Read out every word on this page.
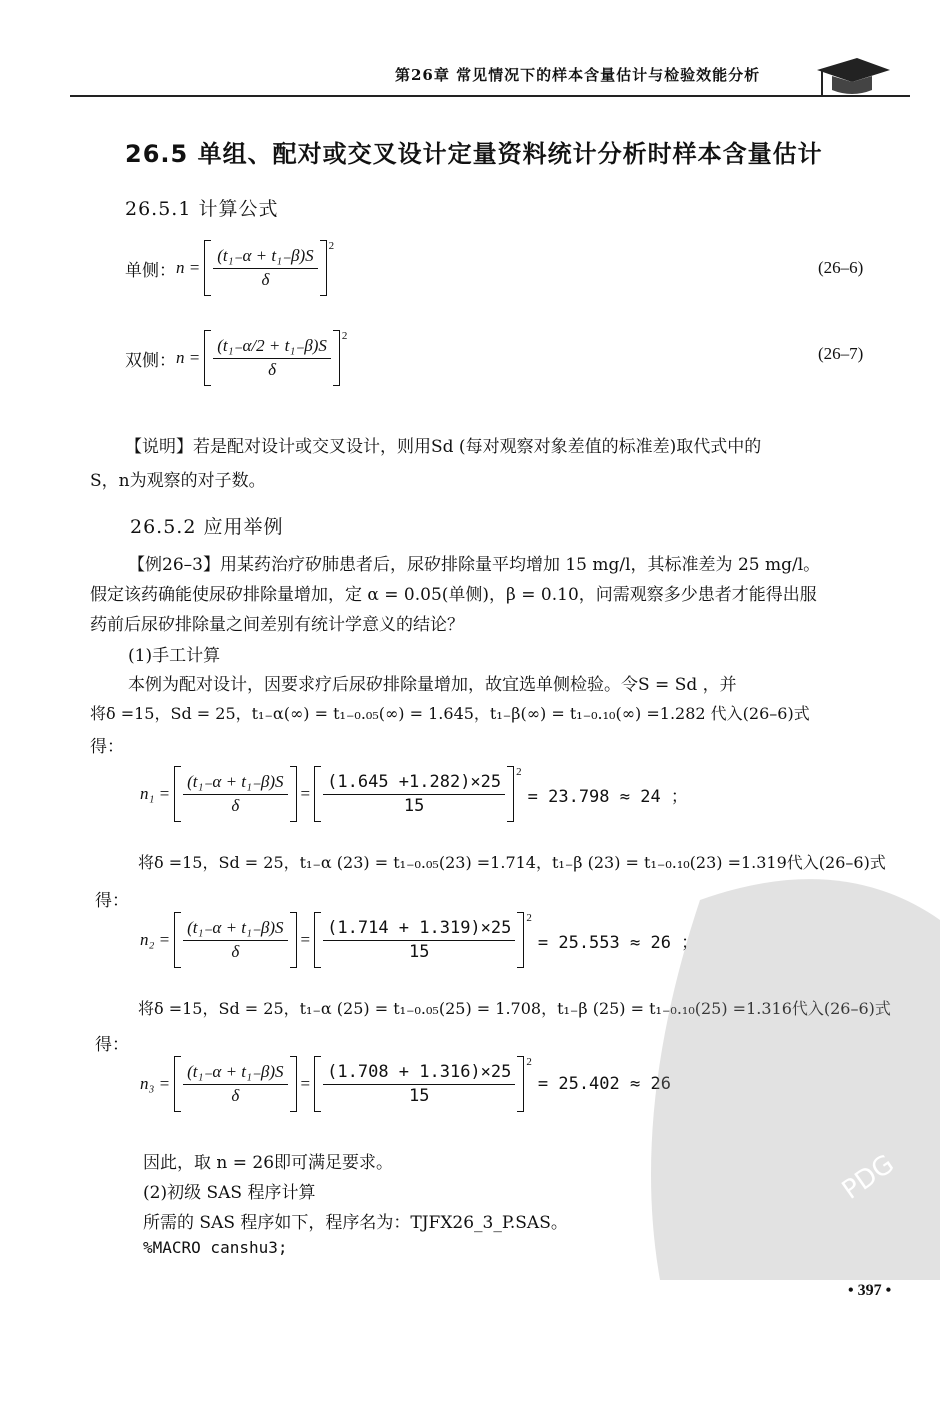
第26章 常见情况下的样本含量估计与检验效能分析
26.5 单组、配对或交叉设计定量资料统计分析时样本含量估计
26.5.1 计算公式
单侧： $n = \frac{\text{(t₁₋α + t₁₋β)S}}{\delta}$
2
(26–6)
双侧： $n = \frac{\text{(t₁₋α/2 + t₁₋β)S}}{\delta}$
2
(26–7)
【说明】若是配对设计或交叉设计，则用Sd (每对观察对象差值的标准差)取代式中的
S，n为观察的对子数。
26.5.2 应用举例
【例26–3】用某药治疗矽肺患者后，尿矽排除量平均增加 15 mg/l，其标准差为 25 mg/l。
假定该药确能使尿矽排除量增加，定 α = 0.05(单侧)，β = 0.10，问需观察多少患者才能得出服
药前后尿矽排除量之间差别有统计学意义的结论？
(1)手工计算
本例为配对设计，因要求疗后尿矽排除量增加，故宜选单侧检验。令S = Sd ，并
将δ =15，Sd = 25，t₁₋α(∞) = t₁₋₀.₀₅(∞) = 1.645，t₁₋β(∞) = t₁₋₀.₁₀(∞) =1.282 代入(26–6)式
得：
$n_1 = \frac{\text{(t₁₋α + t₁₋β)S}}{\delta} = \frac{(1.645 +1.282)\times 25}{15}$
2
= 23.798 ≈ 24 ；
将δ =15，Sd = 25，t₁₋α (23) = t₁₋₀.₀₅(23) =1.714，t₁₋β (23) = t₁₋₀.₁₀(23) =1.319代入(26–6)式
得：
$n_2 = \frac{\text{(t₁₋α + t₁₋β)S}}{\delta} = \frac{(1.714 + 1.319)\times 25}{15}$
2
= 25.553 ≈ 26 ；
将δ =15，Sd = 25，t₁₋α (25) = t₁₋₀.₀₅(25) = 1.708，t₁₋β (25) = t₁₋₀.₁₀(25) =1.316代入(26–6)式
得：
$n_3 = \frac{\text{(t₁₋α + t₁₋β)S}}{\delta} = \frac{(1.708 + 1.316)\times 25}{15}$
2
= 25.402 ≈ 26
因此，取 n = 26即可满足要求。
(2)初级 SAS 程序计算
所需的 SAS 程序如下，程序名为：TJFX26_3_P.SAS。
%MACRO canshu3;
PDG
• 397 •
